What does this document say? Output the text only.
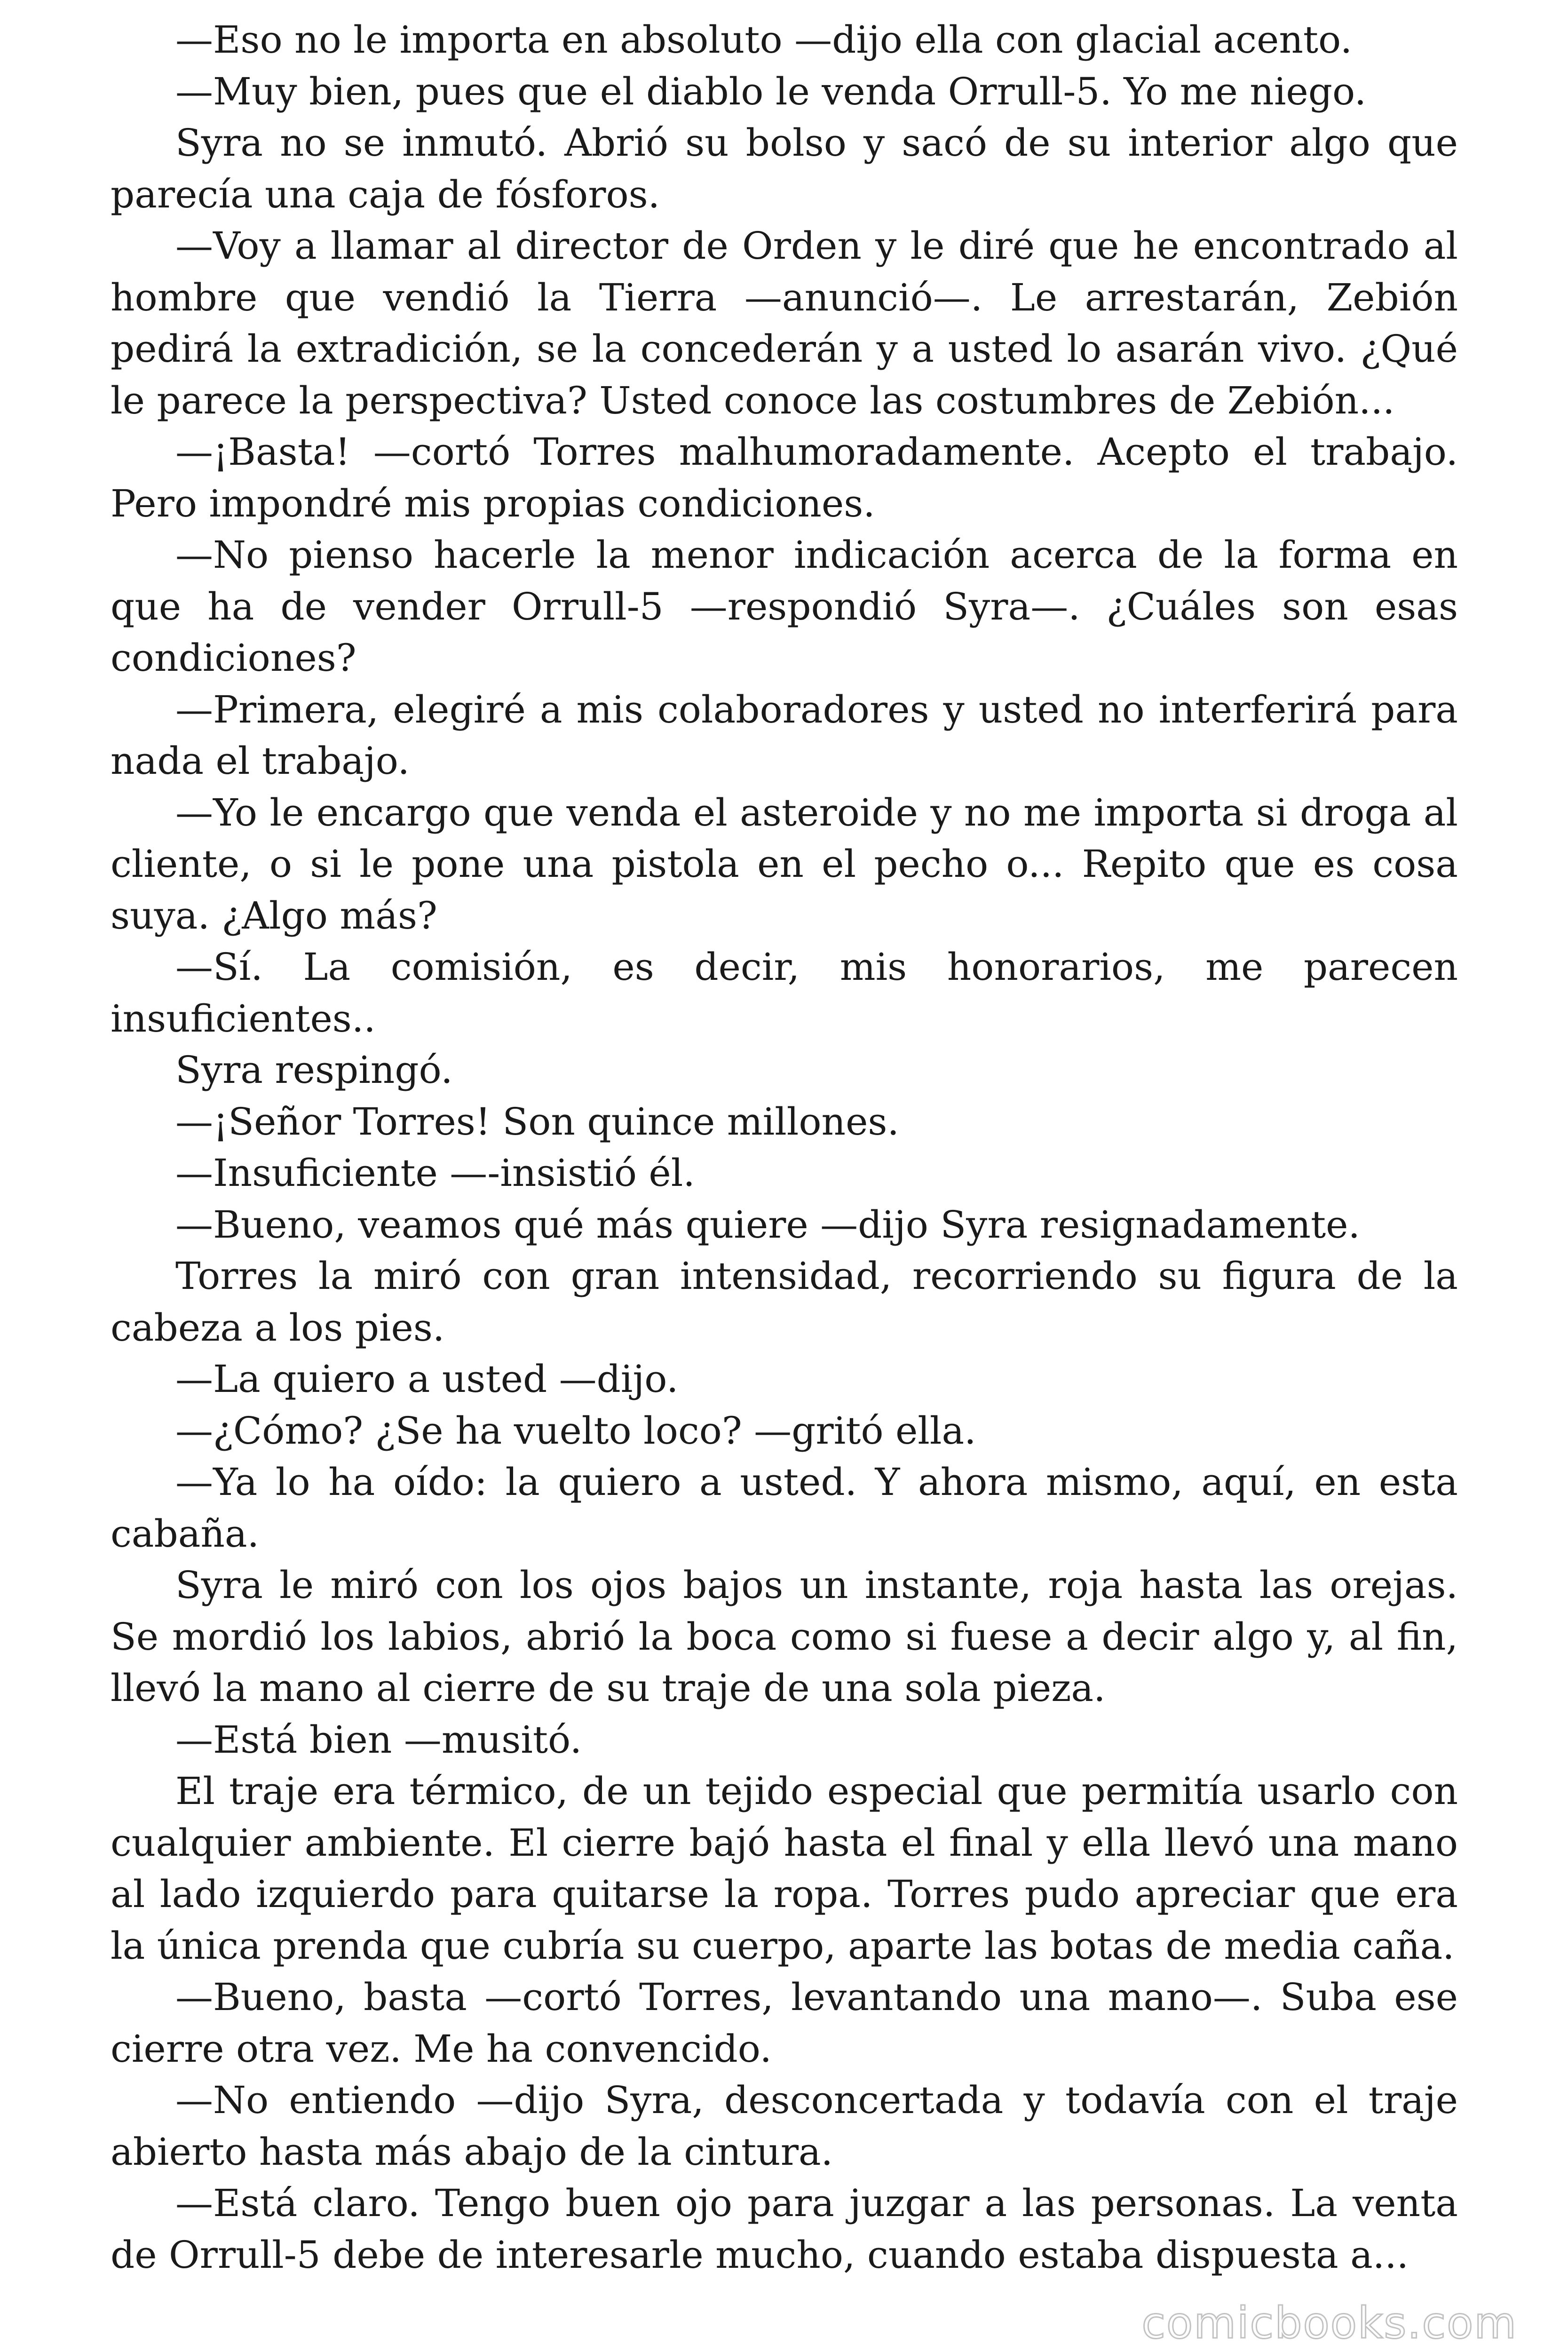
—Eso no le importa en absoluto —dijo ella con glacial acento.

—Muy bien, pues que el diablo le venda Orrull-5. Yo me niego.

Syra no se inmutó. Abrió su bolso y sacó de su interior algo que parecía una caja de fósforos.

—Voy a llamar al director de Orden y le diré que he encontrado al hombre que vendió la Tierra —anunció—. Le arrestarán, Zebión pedirá la extradición, se la concederán y a usted lo asarán vivo. ¿Qué le parece la perspectiva? Usted conoce las costumbres de Zebión...

—¡Basta! —cortó Torres malhumoradamente. Acepto el trabajo. Pero impondré mis propias condiciones.

—No pienso hacerle la menor indicación acerca de la forma en que ha de vender Orrull-5 —respondió Syra—. ¿Cuáles son esas condiciones?

—Primera, elegiré a mis colaboradores y usted no interferirá para nada el trabajo.

—Yo le encargo que venda el asteroide y no me importa si droga al cliente, o si le pone una pistola en el pecho o... Repito que es cosa suya. ¿Algo más?

—Sí. La comisión, es decir, mis honorarios, me parecen insuficientes..

Syra respingó.

—¡Señor Torres! Son quince millones.

—Insuficiente —-insistió él.

—Bueno, veamos qué más quiere —dijo Syra resignadamente.

Torres la miró con gran intensidad, recorriendo su figura de la cabeza a los pies.

—La quiero a usted —dijo.

—¿Cómo? ¿Se ha vuelto loco? —gritó ella.

—Ya lo ha oído: la quiero a usted. Y ahora mismo, aquí, en esta cabaña.

Syra le miró con los ojos bajos un instante, roja hasta las orejas. Se mordió los labios, abrió la boca como si fuese a decir algo y, al fin, llevó la mano al cierre de su traje de una sola pieza.

—Está bien —musitó.

El traje era térmico, de un tejido especial que permitía usarlo con cualquier ambiente. El cierre bajó hasta el final y ella llevó una mano al lado izquierdo para quitarse la ropa. Torres pudo apreciar que era la única prenda que cubría su cuerpo, aparte las botas de media caña.

—Bueno, basta —cortó Torres, levantando una mano—. Suba ese cierre otra vez. Me ha convencido.

—No entiendo —dijo Syra, desconcertada y todavía con el traje abierto hasta más abajo de la cintura.

—Está claro. Tengo buen ojo para juzgar a las personas. La venta de Orrull-5 debe de interesarle mucho, cuando estaba dispuesta a...

comicbooks.com
